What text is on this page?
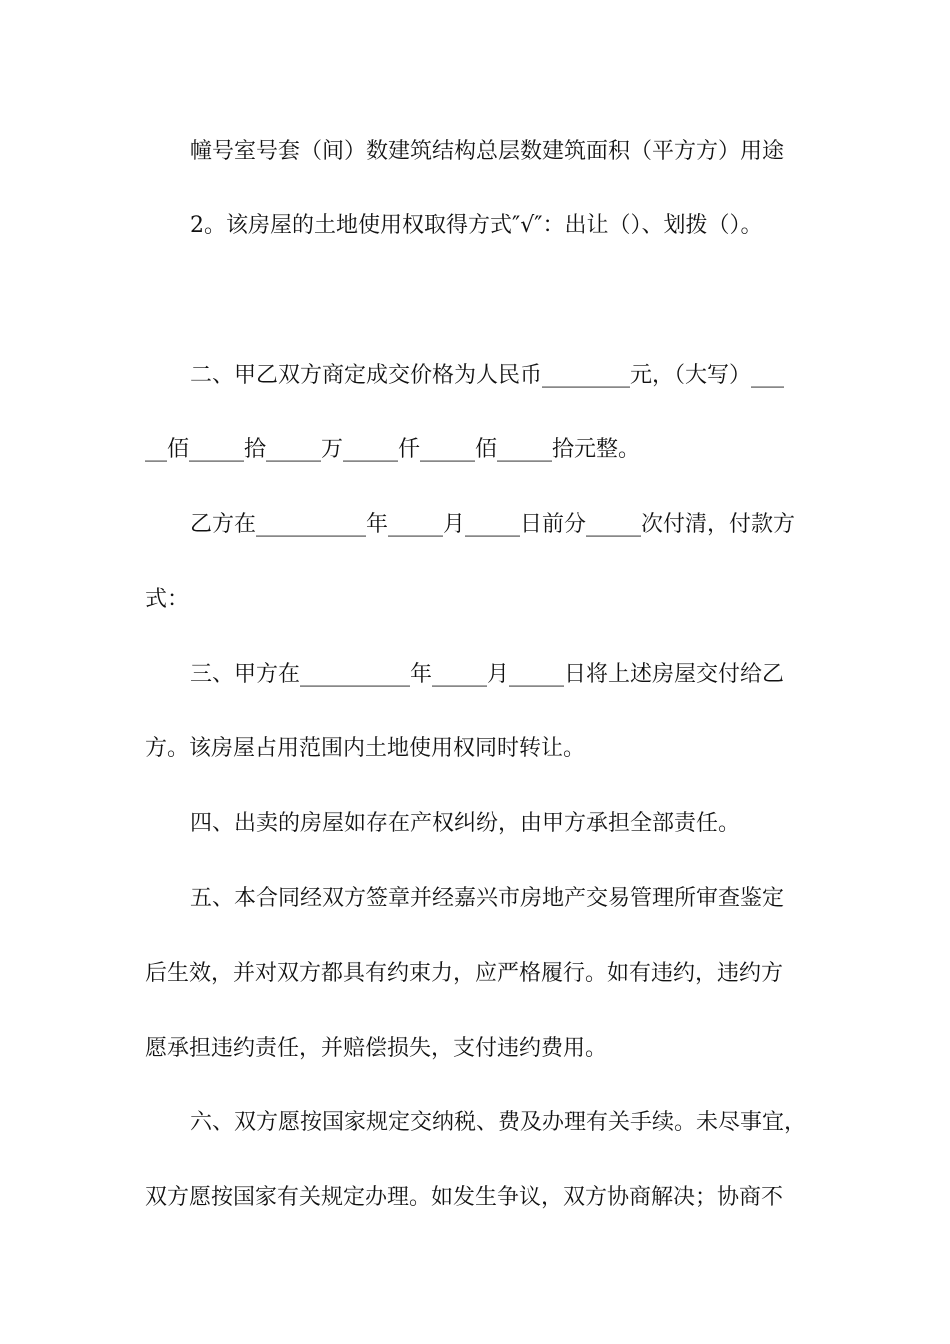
幢号室号套（间）数建筑结构总层数建筑面积（平方方）用途
2。该房屋的土地使用权取得方式″√″：出让（）、划拨（）。
二、甲乙双方商定成交价格为人民币________元，（大写）___
__佰_____拾_____万_____仟_____佰_____拾元整。
乙方在__________年_____月_____日前分_____次付清，付款方
式：
三、甲方在__________年_____月_____日将上述房屋交付给乙
方。该房屋占用范围内土地使用权同时转让。
四、出卖的房屋如存在产权纠纷，由甲方承担全部责任。
五、本合同经双方签章并经嘉兴市房地产交易管理所审查鉴定
后生效，并对双方都具有约束力，应严格履行。如有违约，违约方
愿承担违约责任，并赔偿损失，支付违约费用。
六、双方愿按国家规定交纳税、费及办理有关手续。未尽事宜，
双方愿按国家有关规定办理。如发生争议，双方协商解决；协商不
